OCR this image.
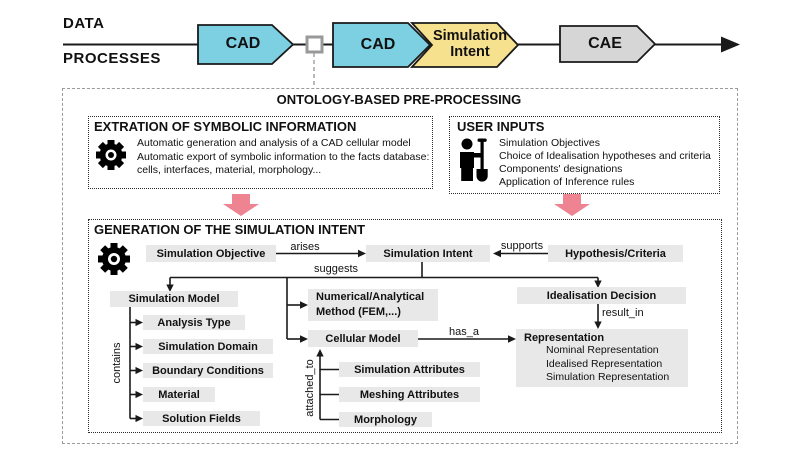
DATA
PROCESSES
CAD	CAD	Simulation Intent	CAE
ONTOLOGY-BASED PRE-PROCESSING
EXTRATION OF SYMBOLIC INFORMATION
Automatic generation and analysis of a CAD cellular model
Automatic export of symbolic information to the facts database:
cells, interfaces, material, morphology...
USER INPUTS
Simulation Objectives
Choice of Idealisation hypotheses and criteria
Components' designations
Application of Inference rules
GENERATION OF THE SIMULATION INTENT
Simulation Objective	Simulation Intent	Hypothesis/Criteria
Simulation Model	Numerical/Analytical Method (FEM,...)
Idealisation Decision
Cellular Model	Representation
Nominal Representation
Idealised Representation
Simulation Representation
Analysis Type
Simulation Domain
Boundary Conditions
Material
Solution Fields
Simulation Attributes
Meshing Attributes
Morphology
arises	supports
suggests
result_in
has_a
contains	attached_to
